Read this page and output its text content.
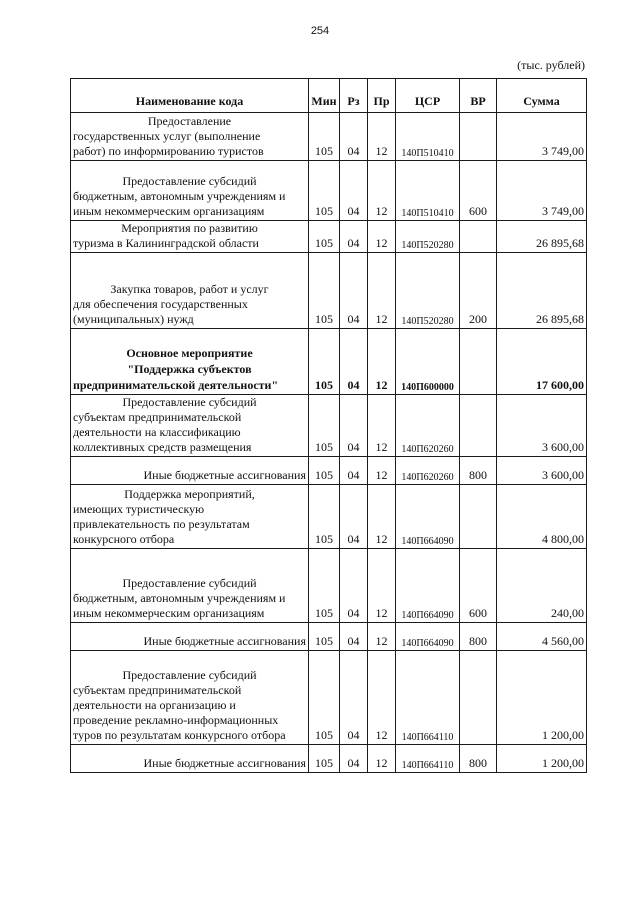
254
(тыс. рублей)
Наименование кода	Мин	Рз	Пр	ЦСР	ВР	Сумма

Предоставление
государственных услуг (выполнение
работ) по информированию туристов	105	04	12	140П510410		3 749,00

Предоставление субсидий
бюджетным, автономным учреждениям и
иным некоммерческим организациям	105	04	12	140П510410	600	3 749,00

Мероприятия по развитию
туризма в Калининградской области	105	04	12	140П520280		26 895,68

Закупка товаров, работ и услуг
для обеспечения государственных
(муниципальных) нужд	105	04	12	140П520280	200	26 895,68

Основное мероприятие
"Поддержка субъектов
предпринимательской деятельности"	105	04	12	140П600000		17 600,00

Предоставление субсидий
субъектам предпринимательской
деятельности на классификацию
коллективных средств размещения	105	04	12	140П620260		3 600,00

Иные бюджетные ассигнования	105	04	12	140П620260	800	3 600,00

Поддержка мероприятий,
имеющих туристическую
привлекательность по результатам
конкурсного отбора	105	04	12	140П664090		4 800,00

Предоставление субсидий
бюджетным, автономным учреждениям и
иным некоммерческим организациям	105	04	12	140П664090	600	240,00

Иные бюджетные ассигнования	105	04	12	140П664090	800	4 560,00

Предоставление субсидий
субъектам предпринимательской
деятельности на организацию и
проведение рекламно-информационных
туров по результатам конкурсного отбора	105	04	12	140П664110		1 200,00

Иные бюджетные ассигнования	105	04	12	140П664110	800	1 200,00
